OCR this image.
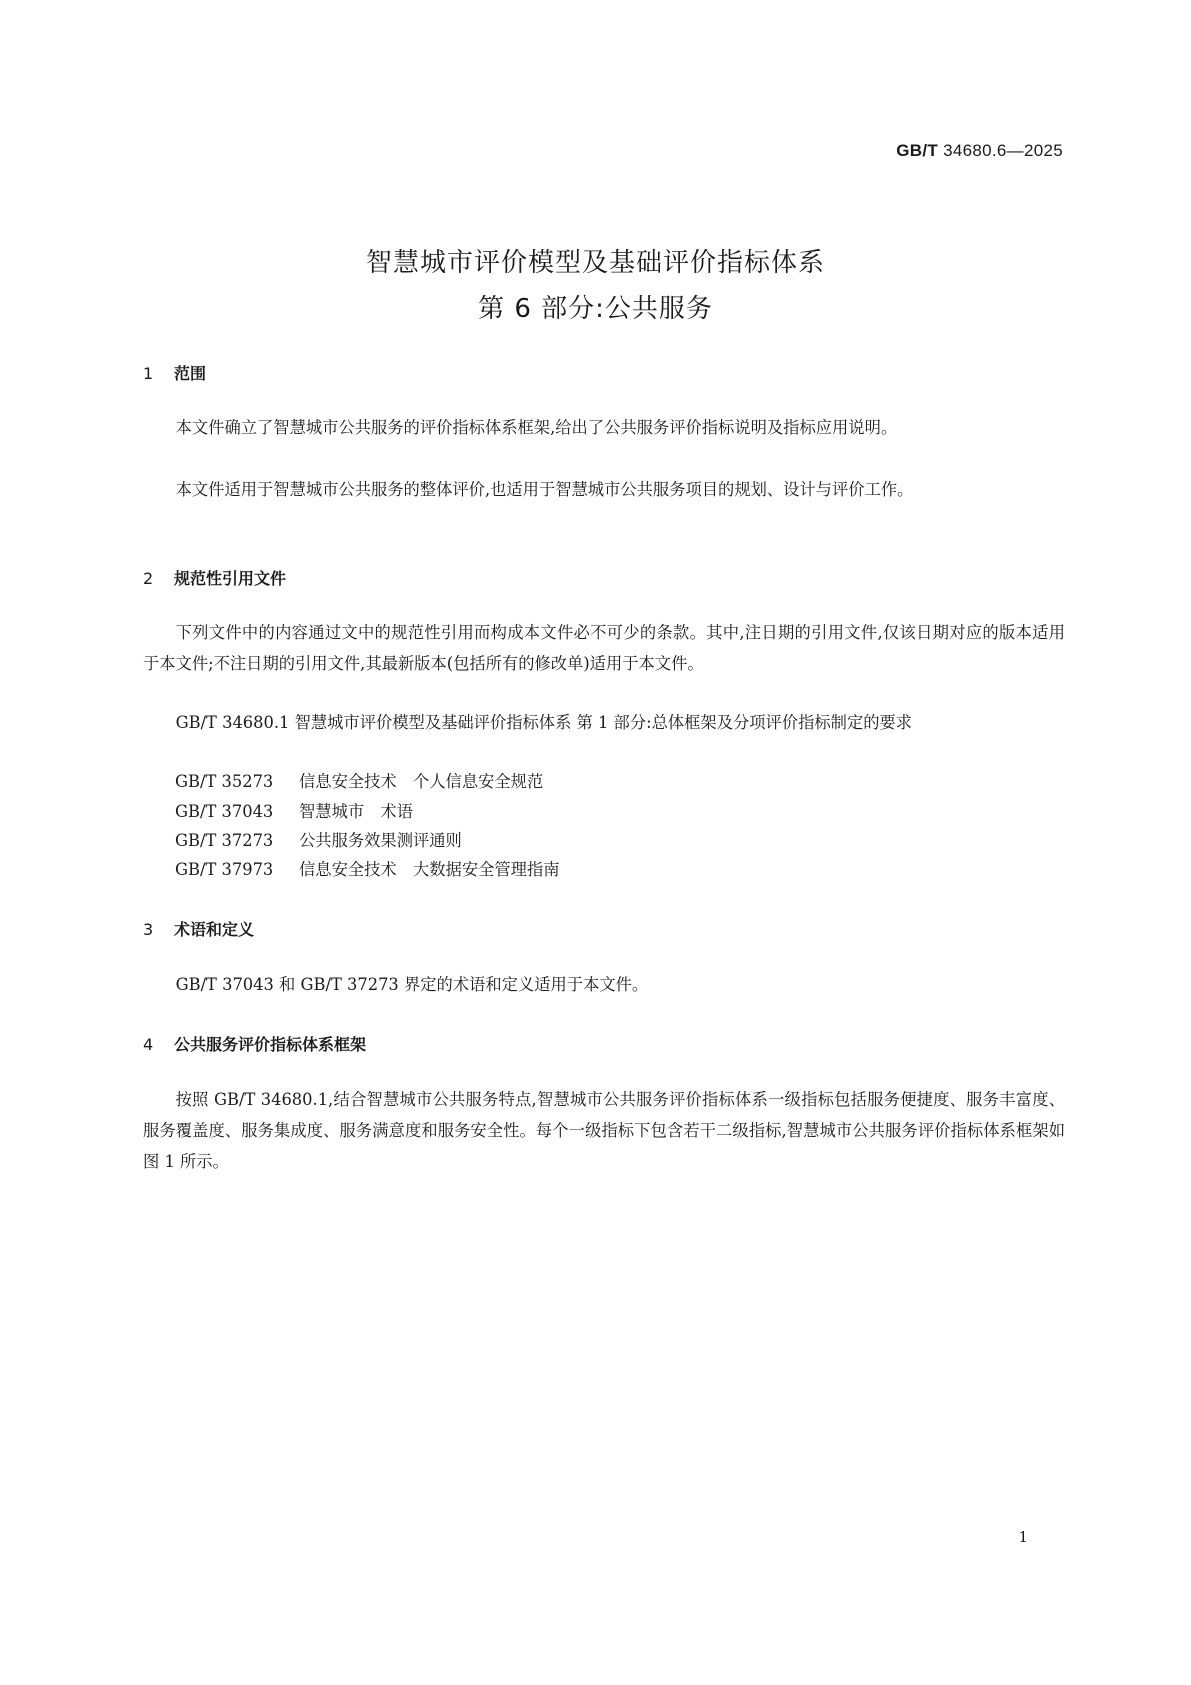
GB/T 34680.6—2025
智慧城市评价模型及基础评价指标体系
第 6 部分:公共服务
1 范围
本文件确立了智慧城市公共服务的评价指标体系框架,给出了公共服务评价指标说明及指标应用说明。
本文件适用于智慧城市公共服务的整体评价,也适用于智慧城市公共服务项目的规划、设计与评价工作。
2 规范性引用文件
下列文件中的内容通过文中的规范性引用而构成本文件必不可少的条款。其中,注日期的引用文件,仅该日期对应的版本适用于本文件;不注日期的引用文件,其最新版本(包括所有的修改单)适用于本文件。
GB/T 34680.1 智慧城市评价模型及基础评价指标体系 第 1 部分:总体框架及分项评价指标制定的要求
GB/T 35273 信息安全技术　个人信息安全规范
GB/T 37043 智慧城市　术语
GB/T 37273 公共服务效果测评通则
GB/T 37973 信息安全技术　大数据安全管理指南
3 术语和定义
GB/T 37043 和 GB/T 37273 界定的术语和定义适用于本文件。
4 公共服务评价指标体系框架
按照 GB/T 34680.1,结合智慧城市公共服务特点,智慧城市公共服务评价指标体系一级指标包括服务便捷度、服务丰富度、服务覆盖度、服务集成度、服务满意度和服务安全性。每个一级指标下包含若干二级指标,智慧城市公共服务评价指标体系框架如图 1 所示。
1
